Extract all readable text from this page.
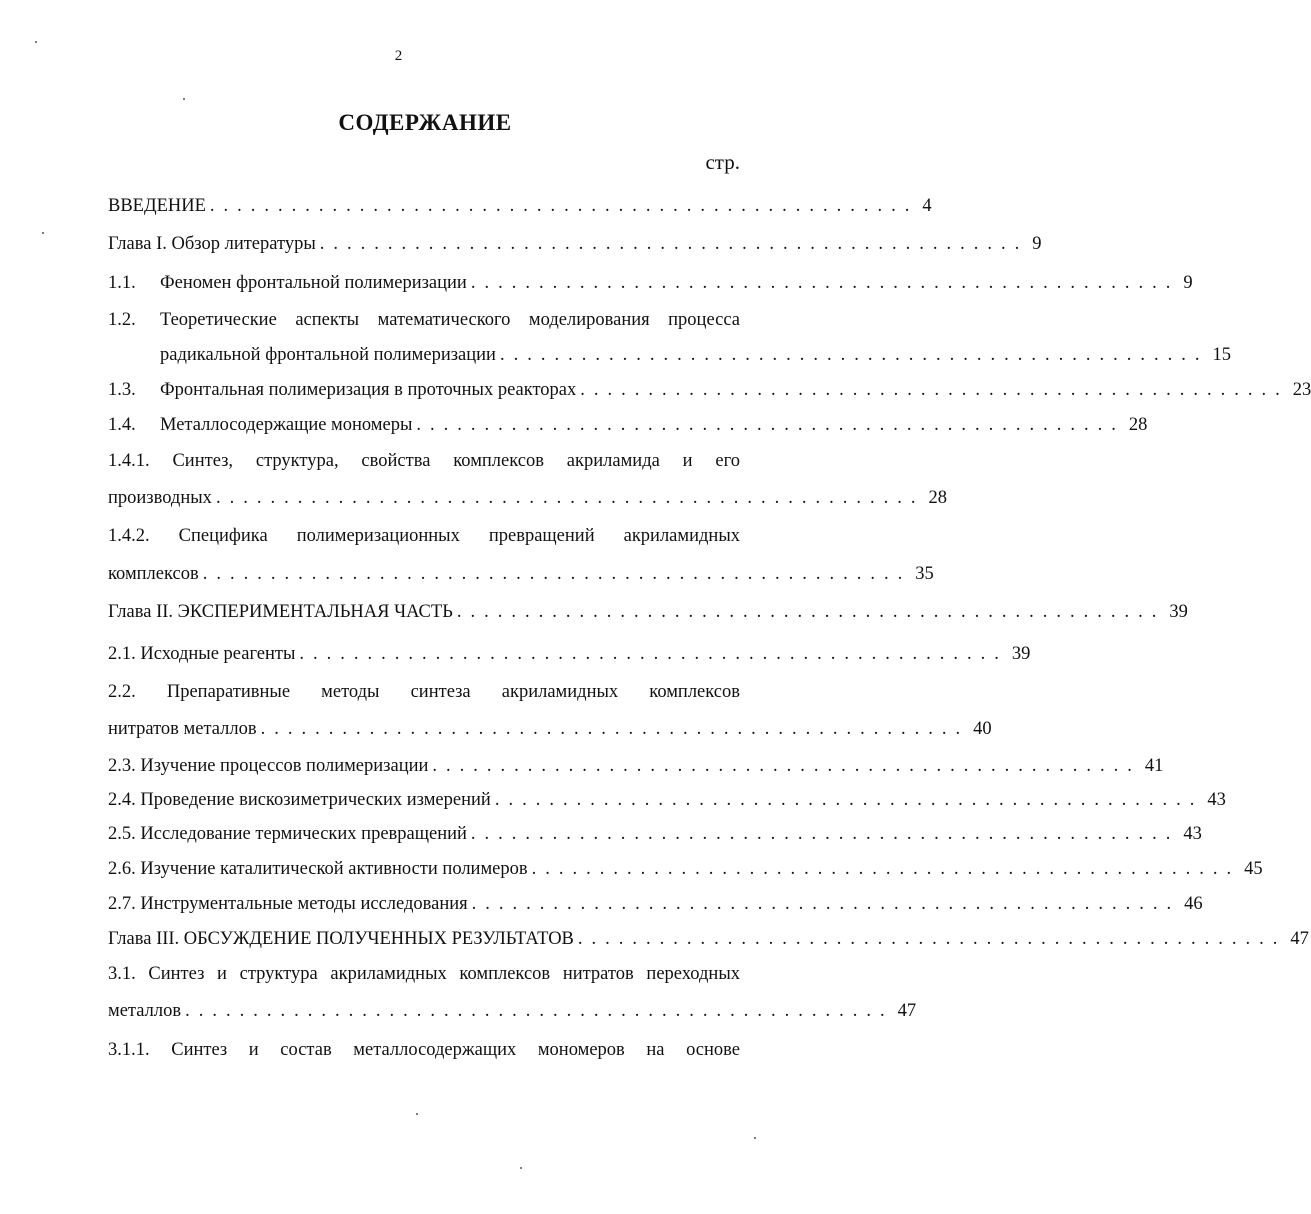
2
СОДЕРЖАНИЕ
стр.
ВВЕДЕНИЕ .................................................... 4
Глава I. Обзор литературы .................................................... 9
1.1.	Феномен фронтальной полимеризации .................................................... 9
1.2. Теоретические аспекты математического моделирования процесса
радикальной фронтальной полимеризации .................................................... 15
1.3.	Фронтальная полимеризация в проточных реакторах .................................................... 23
1.4.	Металлосодержащие мономеры .................................................... 28
1.4.1. Синтез, структура, свойства комплексов акриламида и его
производных .................................................... 28
1.4.2. Специфика полимеризационных превращений акриламидных
комплексов .................................................... 35
Глава II. ЭКСПЕРИМЕНТАЛЬНАЯ ЧАСТЬ .................................................... 39
2.1. Исходные реагенты .................................................... 39
2.2. Препаративные методы синтеза акриламидных комплексов
нитратов металлов .................................................... 40
2.3. Изучение процессов полимеризации .................................................... 41
2.4. Проведение вискозиметрических измерений .................................................... 43
2.5. Исследование термических превращений .................................................... 43
2.6. Изучение каталитической активности полимеров .................................................... 45
2.7. Инструментальные методы исследования .................................................... 46
Глава III. ОБСУЖДЕНИЕ ПОЛУЧЕННЫХ РЕЗУЛЬТАТОВ .................................................... 47
3.1. Синтез и структура акриламидных комплексов нитратов переходных
металлов .................................................... 47
3.1.1. Синтез и состав металлосодержащих мономеров на основе
